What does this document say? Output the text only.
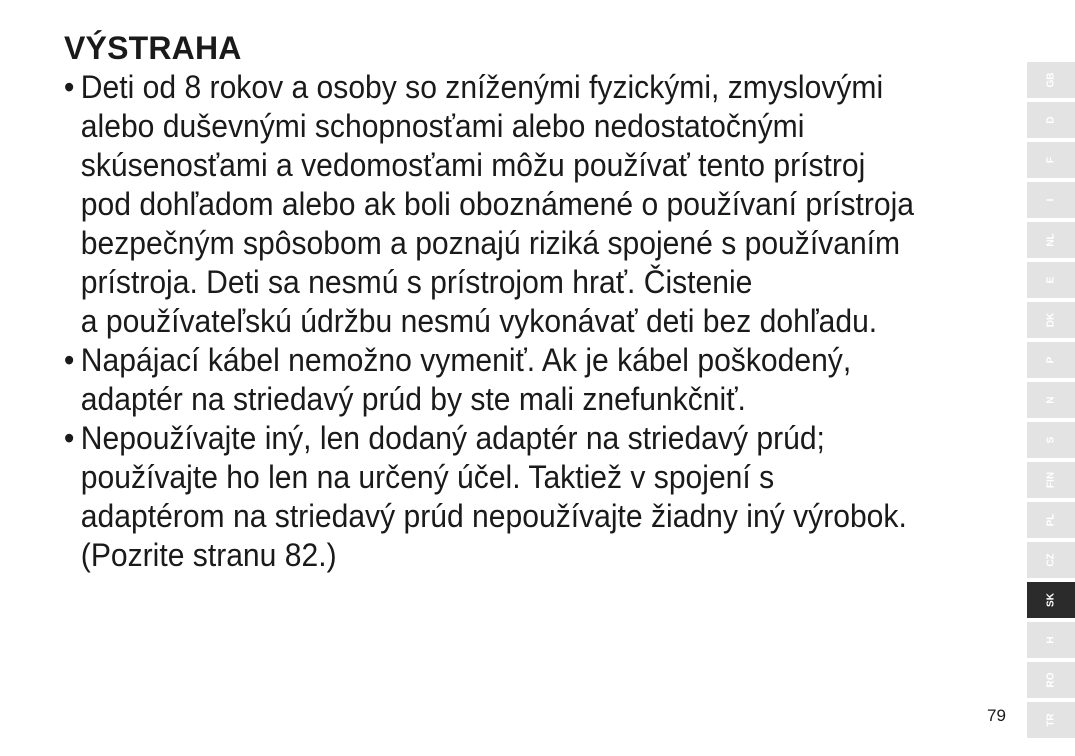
VÝSTRAHA
• Deti od 8 rokov a osoby so zníženými fyzickými, zmyslovými
alebo duševnými schopnosťami alebo nedostatočnými
skúsenosťami a vedomosťami môžu používať tento prístroj
pod dohľadom alebo ak boli oboznámené o používaní prístroja
bezpečným spôsobom a poznajú riziká spojené s používaním
prístroja. Deti sa nesmú s prístrojom hrať. Čistenie
a používateľskú údržbu nesmú vykonávať deti bez dohľadu.
• Napájací kábel nemožno vymeniť. Ak je kábel poškodený,
adaptér na striedavý prúd by ste mali znefunkčniť.
• Nepoužívajte iný, len dodaný adaptér na striedavý prúd;
používajte ho len na určený účel. Taktiež v spojení s
adaptérom na striedavý prúd nepoužívajte žiadny iný výrobok.
(Pozrite stranu 82.)
GB
D
F
I
NL
E
DK
P
N
S
FIN
PL
CZ
SK
H
RO
TR
79
